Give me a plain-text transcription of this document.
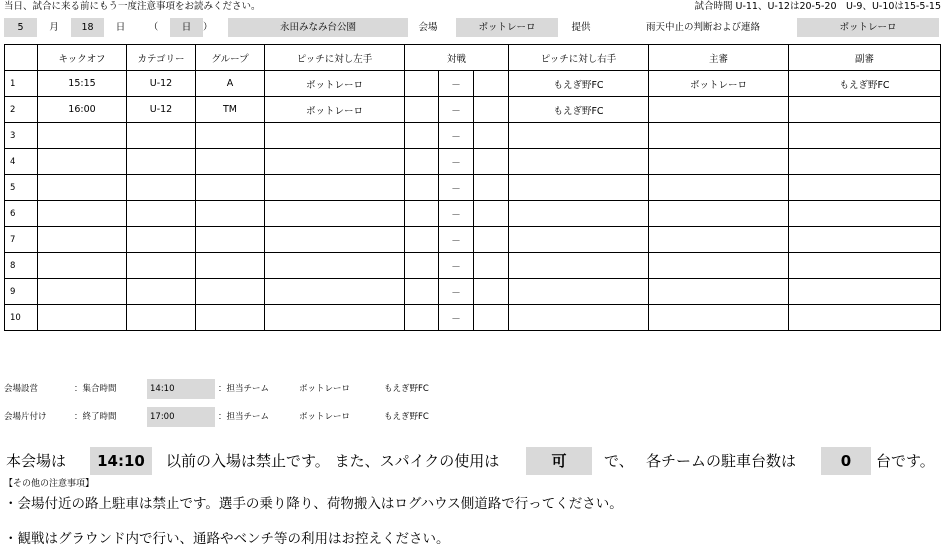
当日、試合に来る前にもう一度注意事項をお読みください。	試合時間 U-11、U-12は20-5-20　U-9、U-10は15-5-15
5	月	18	日	（	日	）	永田みなみ台公園	会場	ボットレーロ	提供	雨天中止の判断および連絡	ボットレーロ
	キックオフ	カテゴリー	グループ	ピッチに対し左手	対戦			ピッチに対し右手	主審	副審
1	15:15	U-12	A	ボットレーロ		－		もえぎ野FC	ボットレーロ	もえぎ野FC
2	16:00	U-12	TM	ボットレーロ		－		もえぎ野FC		
3						－				
4						－				
5						－				
6						－				
7						－				
8						－				
9						－				
10						－				
会場設営	：集合時間	14:10	：担当チーム	ボットレーロ	もえぎ野FC
会場片付け	：終了時間	17:00	：担当チーム	ボットレーロ	もえぎ野FC
本会場は	14:10	以前の入場は禁止です。 また、スパイクの使用は	可	で、 各チームの駐車台数は	0	台です。
【その他の注意事項】
・会場付近の路上駐車は禁止です。選手の乗り降り、荷物搬入はログハウス側道路で行ってください。
・観戦はグラウンド内で行い、通路やベンチ等の利用はお控えください。
